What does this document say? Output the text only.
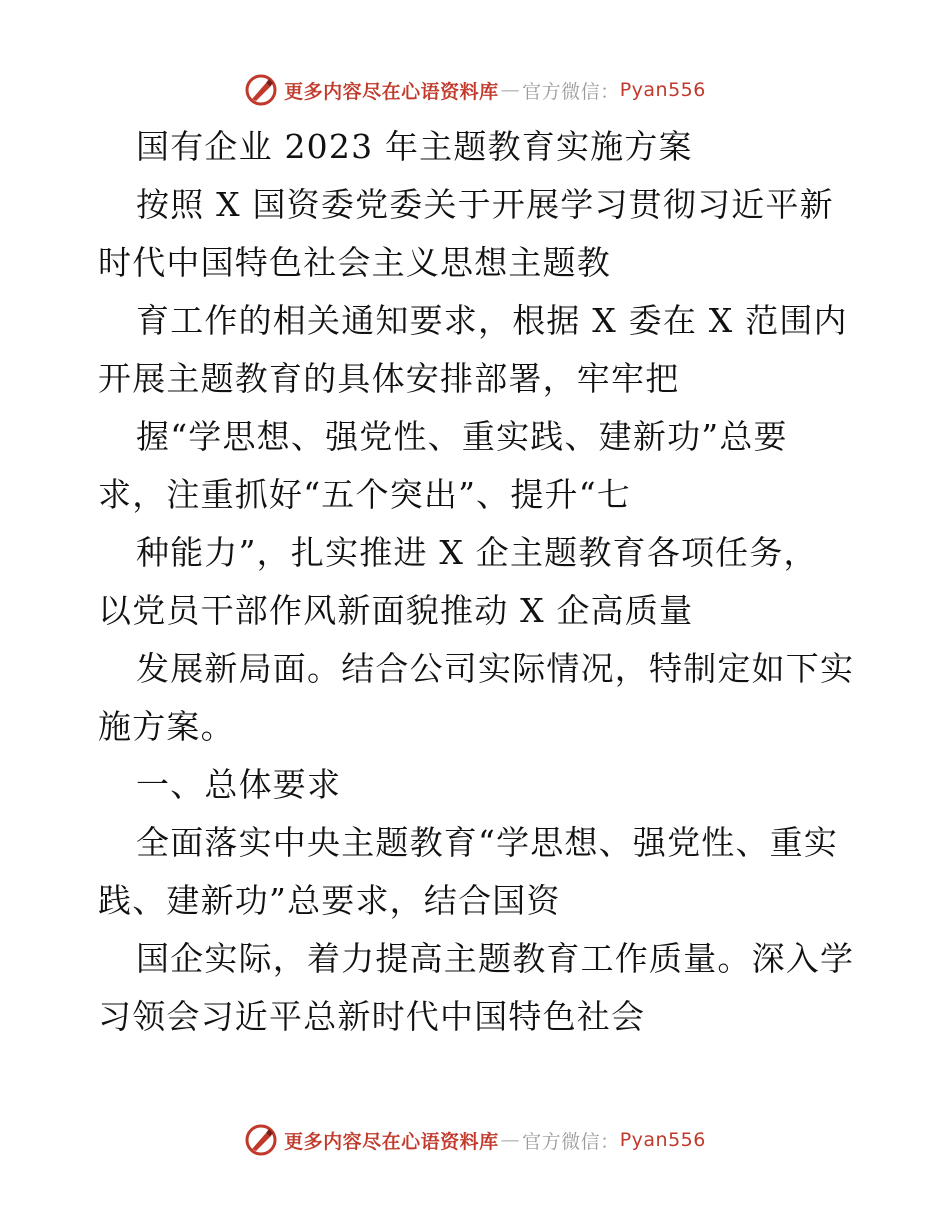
更多内容尽在心语资料库 — 官方微信： Pyan556
国有企业 2023 年主题教育实施方案
按照 X 国资委党委关于开展学习贯彻习近平新
时代中国特色社会主义思想主题教
育工作的相关通知要求，根据 X 委在 X 范围内
开展主题教育的具体安排部署，牢牢把
握“学思想、强党性、重实践、建新功”总要
求，注重抓好“五个突出”、提升“七
种能力”，扎实推进 X 企主题教育各项任务，
以党员干部作风新面貌推动 X 企高质量
发展新局面。结合公司实际情况，特制定如下实
施方案。
一、总体要求
全面落实中央主题教育“学思想、强党性、重实
践、建新功”总要求，结合国资
国企实际，着力提高主题教育工作质量。深入学
习领会习近平总新时代中国特色社会
更多内容尽在心语资料库 — 官方微信： Pyan556
